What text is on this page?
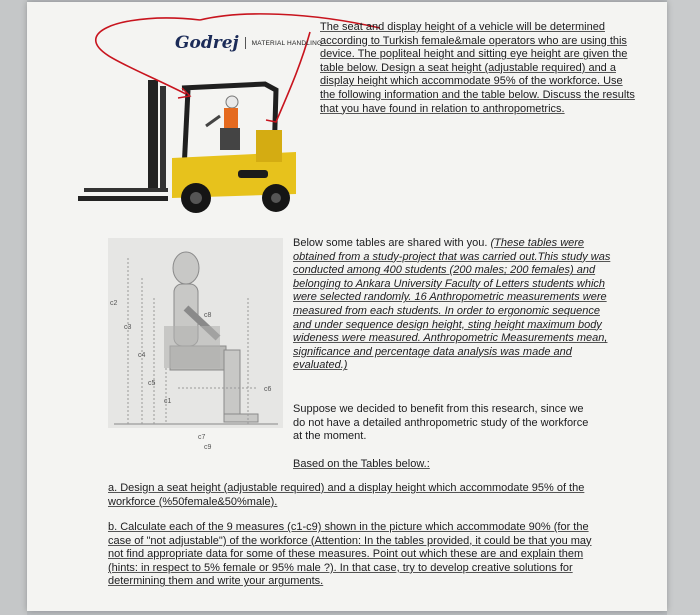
Godrej MATERIAL HANDLING
The seat and display height of a vehicle will be determined according to Turkish female&male operators who are using this device. The popliteal height and sitting eye height are given the table below. Design a seat height (adjustable required) and a display height which accommodate 95% of the workforce. Use the following information and the table below. Discuss the results that you have found in relation to anthropometrics.
c2
c3
c4
c5
c1
c8
c6
c7
c9
Below some tables are shared with you. (These tables were obtained from a study-project that was carried out.This study was conducted among 400 students (200 males; 200 females) and belonging to Ankara University Faculty of Letters students which were selected randomly. 16 Anthropometric measurements were measured from each students. In order to ergonomic sequence and under sequence design height, sting height maximum body wideness were measured. Anthropometric Measurements mean, significance and percentage data analysis was made and evaluated.)
Suppose we decided to benefit from this research, since we do not have a detailed anthropometric study of the workforce at the moment.
Based on the Tables below.:
a. Design a seat height (adjustable required) and a display height which accommodate 95% of the workforce (%50female&50%male).
b. Calculate each of the 9 measures (c1-c9) shown in the picture which accommodate 90% (for the case of "not adjustable") of the workforce (Attention: In the tables provided, it could be that you may not find appropriate data for some of these measures. Point out which these are and explain them (hints: in respect to 5% female or 95% male ?). In that case, try to develop creative solutions for determining them and write your arguments.
